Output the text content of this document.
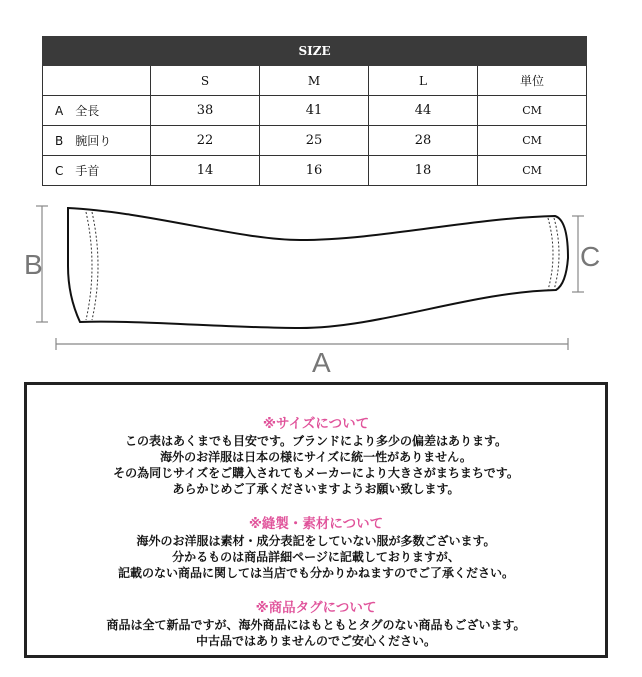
SIZE				
	S	M	L	単位
A　全長	38	41	44	CM
B　腕回り	22	25	28	CM
C　手首	14	16	18	CM
B	C
A

※サイズについて

この表はあくまでも目安です。ブランドにより多少の偏差はあります。

海外のお洋服は日本の様にサイズに統一性がありません。

その為同じサイズをご購入されてもメーカーにより大きさがまちまちです。

あらかじめご了承くださいますようお願い致します。

※縫製・素材について

海外のお洋服は素材・成分表記をしていない服が多数ございます。

分かるものは商品詳細ページに記載しておりますが、

記載のない商品に関しては当店でも分かりかねますのでご了承ください。

※商品タグについて

商品は全て新品ですが、海外商品にはもともとタグのない商品もございます。

中古品ではありませんのでご安心ください。
